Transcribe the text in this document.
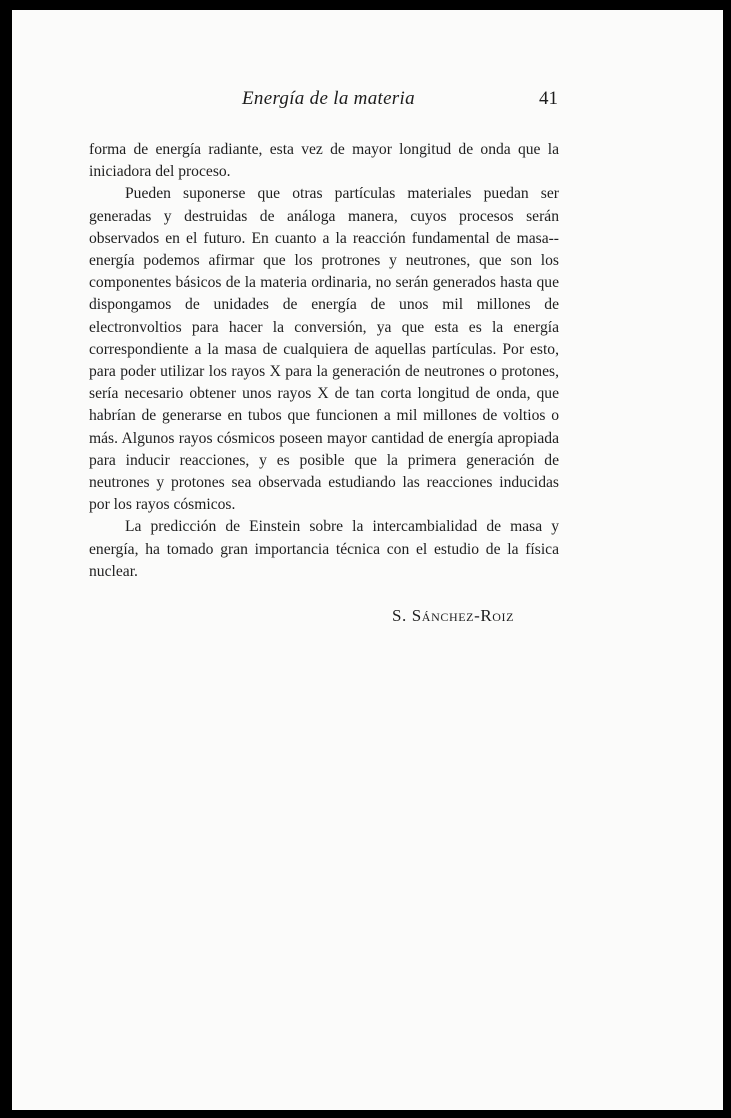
Energía de la materia	41

forma de energía radiante, esta vez de mayor longitud de onda que la iniciadora del proceso.

Pueden suponerse que otras partículas materiales puedan ser generadas y destruidas de análoga manera, cuyos procesos serán observados en el futuro. En cuanto a la reacción fundamental de masa--energía podemos afirmar que los protrones y neutrones, que son los componentes básicos de la materia ordinaria, no serán generados hasta que dispongamos de unidades de energía de unos mil millones de electronvoltios para hacer la conversión, ya que esta es la energía correspondiente a la masa de cualquiera de aquellas partículas. Por esto, para poder utilizar los rayos X para la generación de neutrones o protones, sería necesario obtener unos rayos X de tan corta longitud de onda, que habrían de generarse en tubos que funcionen a mil millones de voltios o más. Algunos rayos cósmicos poseen mayor cantidad de energía apropiada para inducir reacciones, y es posible que la primera generación de neutrones y protones sea observada estudiando las reacciones inducidas por los rayos cósmicos.

La predicción de Einstein sobre la intercambialidad de masa y energía, ha tomado gran importancia técnica con el estudio de la física nuclear.

S. Sánchez-Roiz
